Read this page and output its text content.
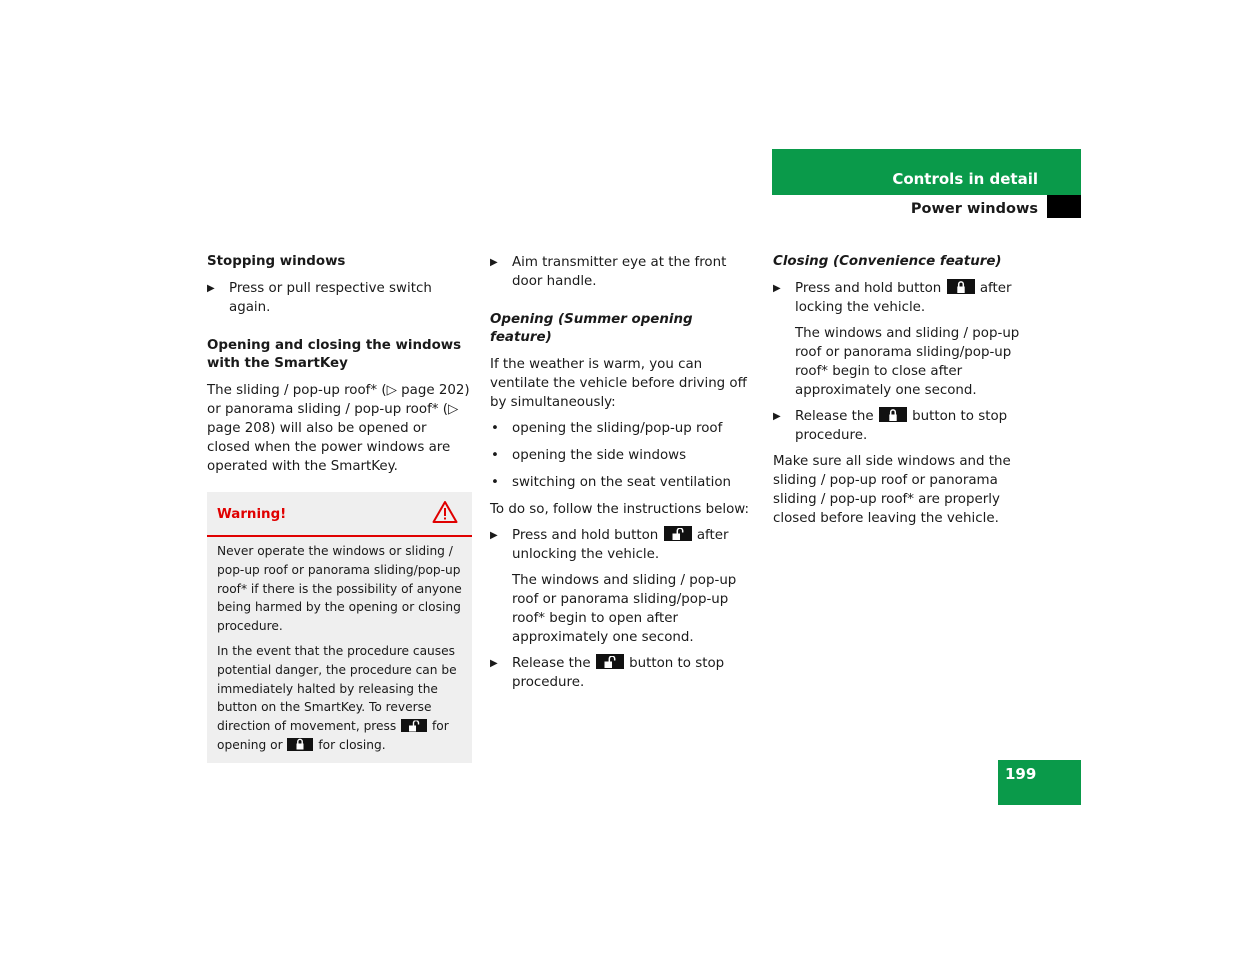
Controls in detail
Power windows
Stopping windows
▶ Press or pull respective switch again.
Opening and closing the windows with the SmartKey

The sliding / pop-up roof* (▷ page 202) or panorama sliding / pop-up roof* (▷ page 208) will also be opened or closed when the power windows are operated with the SmartKey.

Warning!

Never operate the windows or sliding / pop-up roof or panorama sliding/pop-up roof* if there is the possibility of anyone being harmed by the opening or closing procedure.

In the event that the procedure causes potential danger, the procedure can be immediately halted by releasing the button on the SmartKey. To reverse direction of movement, press	for opening or	for closing.

▶ Aim transmitter eye at the front door handle.
Opening (Summer opening feature)

If the weather is warm, you can ventilate the vehicle before driving off by simultaneously:

• opening the sliding/pop-up roof
• opening the side windows
• switching on the seat ventilation

To do so, follow the instructions below:

▶ Press and hold button	after unlocking the vehicle.

The windows and sliding / pop-up roof or panorama sliding/pop-up roof* begin to open after approximately one second.

▶ Release the	button to stop procedure.
Closing (Convenience feature)
▶ Press and hold button	after locking the vehicle.

The windows and sliding / pop-up roof or panorama sliding/pop-up roof* begin to close after approximately one second.

▶ Release the	button to stop procedure.

Make sure all side windows and the sliding / pop-up roof or panorama sliding / pop-up roof* are properly closed before leaving the vehicle.

199
